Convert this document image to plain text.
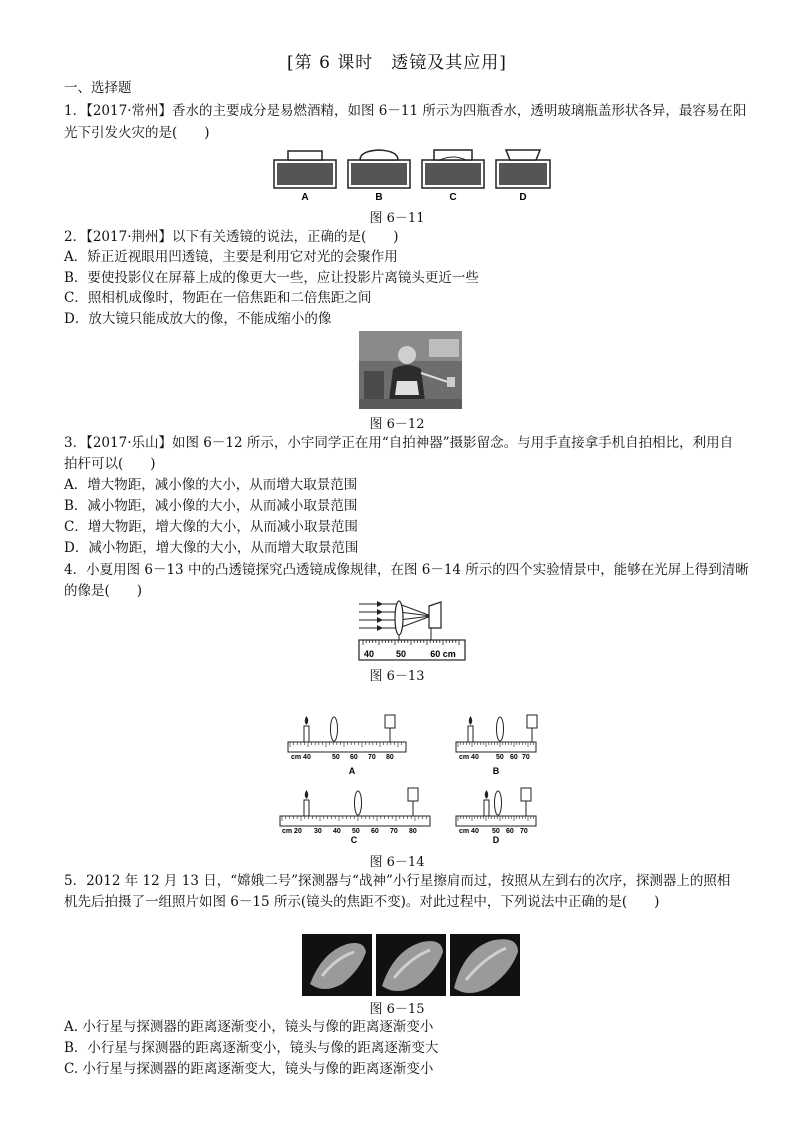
[第 6 课时　透镜及其应用]
一、选择题
1．【2017·常州】香水的主要成分是易燃酒精，如图 6－11 所示为四瓶香水，透明玻璃瓶盖形状各异，最容易在阳
光下引发火灾的是(　　)
A	B	C	D
图 6－11
2．【2017·荆州】以下有关透镜的说法，正确的是(　　)
A．矫正近视眼用凹透镜，主要是利用它对光的会聚作用
B．要使投影仪在屏幕上成的像更大一些，应让投影片离镜头更近一些
C．照相机成像时，物距在一倍焦距和二倍焦距之间
D．放大镜只能成放大的像，不能成缩小的像
图 6－12
3．【2017·乐山】如图 6－12 所示，小宇同学正在用“自拍神器”摄影留念。与用手直接拿手机自拍相比，利用自
拍杆可以(　　)
A．增大物距，减小像的大小，从而增大取景范围
B．减小物距，减小像的大小，从而减小取景范围
C．增大物距，增大像的大小，从而减小取景范围
D．减小物距，增大像的大小，从而增大取景范围
4．小夏用图 6－13 中的凸透镜探究凸透镜成像规律，在图 6－14 所示的四个实验情景中，能够在光屏上得到清晰
的像是(　　)
40 50	60 cm
图 6－13
cm 40	50 60 70 80
A
cm 40 50 60 70
B
cm 20 30 40 50 60 70 80
C
cm 40 50 60 70
D
图 6－14
5．2012 年 12 月 13 日，“嫦娥二号”探测器与“战神”小行星擦肩而过，按照从左到右的次序，探测器上的照相
机先后拍摄了一组照片如图 6－15 所示(镜头的焦距不变)。对此过程中，下列说法中正确的是(　　)
图 6－15
A. 小行星与探测器的距离逐渐变小，镜头与像的距离逐渐变小
B．小行星与探测器的距离逐渐变小，镜头与像的距离逐渐变大
C. 小行星与探测器的距离逐渐变大，镜头与像的距离逐渐变小
